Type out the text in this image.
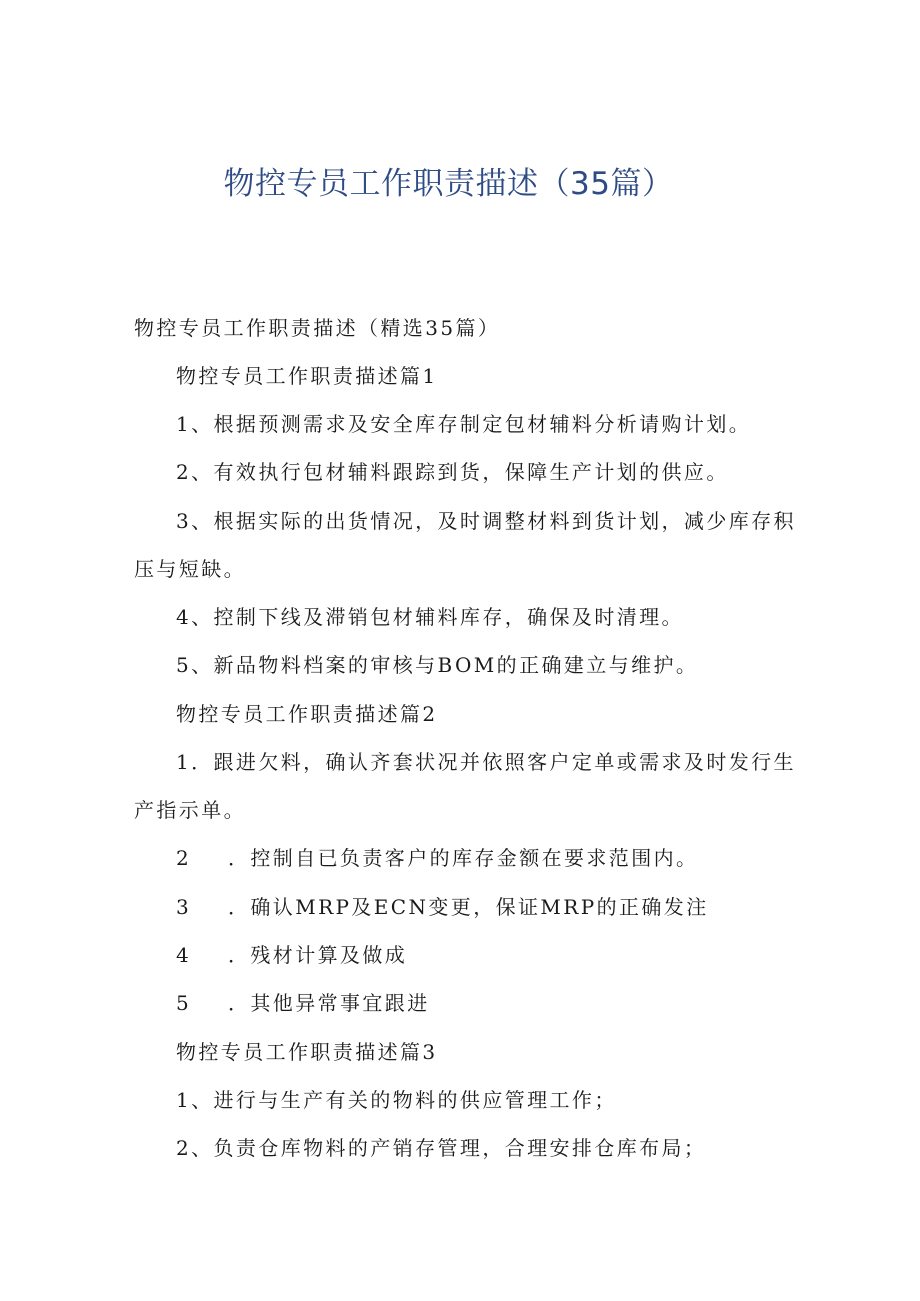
物控专员工作职责描述（35篇）
物控专员工作职责描述（精选35篇）
物控专员工作职责描述篇1
1、根据预测需求及安全库存制定包材辅料分析请购计划。
2、有效执行包材辅料跟踪到货，保障生产计划的供应。
3、根据实际的出货情况，及时调整材料到货计划，减少库存积
压与短缺。
4、控制下线及滞销包材辅料库存，确保及时清理。
5、新品物料档案的审核与BOM的正确建立与维护。
物控专员工作职责描述篇2
1．跟进欠料，确认齐套状况并依照客户定单或需求及时发行生
产指示单。
2 ．控制自已负责客户的库存金额在要求范围内。
3 ．确认MRP及ECN变更，保证MRP的正确发注
4 ．残材计算及做成
5 ．其他异常事宜跟进
物控专员工作职责描述篇3
1、进行与生产有关的物料的供应管理工作；
2、负责仓库物料的产销存管理，合理安排仓库布局；
